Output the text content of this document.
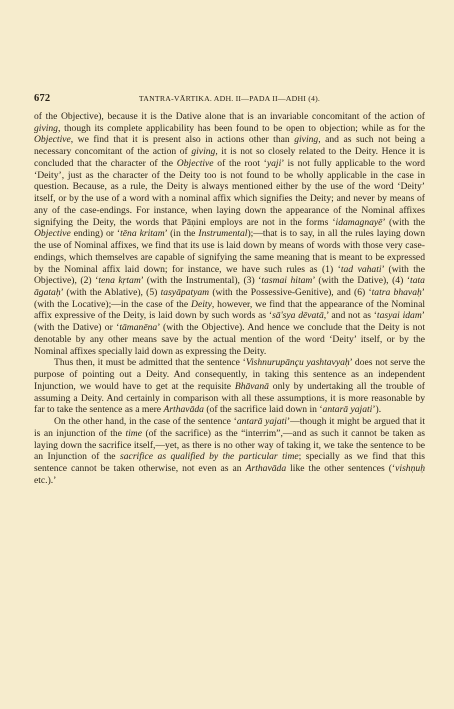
672	TANTRA-VĀRTIKA. ADH. II—PADA II—ADHI (4).

of the Objective), because it is the Dative alone that is an invariable concomitant of the action of giving, though its complete applicability has been found to be open to objection; while as for the Objective, we find that it is present also in actions other than giving, and as such not being a necessary concomitant of the action of giving, it is not so closely related to the Deity. Hence it is concluded that the character of the Objective of the root ‘yaji’ is not fully applicable to the word ‘Deity’, just as the character of the Deity too is not found to be wholly applicable in the case in question. Because, as a rule, the Deity is always mentioned either by the use of the word ‘Deity’ itself, or by the use of a word with a nominal affix which signifies the Deity; and never by means of any of the case-endings. For instance, when laying down the appearance of the Nominal affixes signifying the Deity, the words that Pāṇini employs are not in the forms ‘idamagnayē’ (with the Objective ending) or ‘tēna kritam’ (in the Instrumental);—that is to say, in all the rules laying down the use of Nominal affixes, we find that its use is laid down by means of words with those very case-endings, which themselves are capable of signifying the same meaning that is meant to be expressed by the Nominal affix laid down; for instance, we have such rules as (1) ‘tad vahati’ (with the Objective), (2) ‘tena kṛtam’ (with the Instrumental), (3) ‘tasmai hitam’ (with the Dative), (4) ‘tata āgataḥ’ (with the Ablative), (5) tasyāpatyam (with the Possessive-Genitive), and (6) ‘tatra bhavaḥ’ (with the Locative);—in the case of the Deity, however, we find that the appearance of the Nominal affix expressive of the Deity, is laid down by such words as ‘sā'sya dēvatā,’ and not as ‘tasyai idam’ (with the Dative) or ‘tāmanēna’ (with the Objective). And hence we conclude that the Deity is not denotable by any other means save by the actual mention of the word ‘Deity’ itself, or by the Nominal affixes specially laid down as expressing the Deity.

Thus then, it must be admitted that the sentence ‘Vishnurupānçu yashtavyaḥ’ does not serve the purpose of pointing out a Deity. And consequently, in taking this sentence as an independent Injunction, we would have to get at the requisite Bhāvanā only by undertaking all the trouble of assuming a Deity. And certainly in comparison with all these assumptions, it is more reasonable by far to take the sentence as a mere Arthavāda (of the sacrifice laid down in ‘antarā yajati’).

On the other hand, in the case of the sentence ‘antarā yajati’—though it might be argued that it is an injunction of the time (of the sacrifice) as the “interrim”,—and as such it cannot be taken as laying down the sacrifice itself,—yet, as there is no other way of taking it, we take the sentence to be an Injunction of the sacrifice as qualified by the particular time; specially as we find that this sentence cannot be taken otherwise, not even as an Arthavāda like the other sentences (‘vishṇuḥ etc.).’
